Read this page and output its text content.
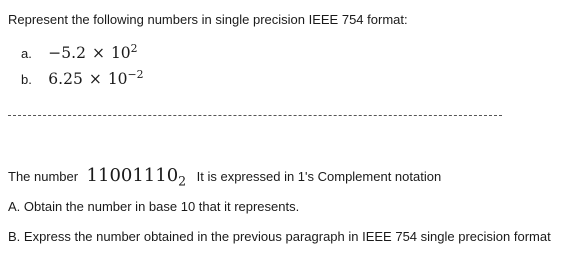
Represent the following numbers in single precision IEEE 754 format:
a. $-5.2 \times 10^2$
b. $6.25 \times 10^{-2}$
The number $11001110_2$ It is expressed in 1's Complement notation
A. Obtain the number in base 10 that it represents.
B. Express the number obtained in the previous paragraph in IEEE 754 single precision format
